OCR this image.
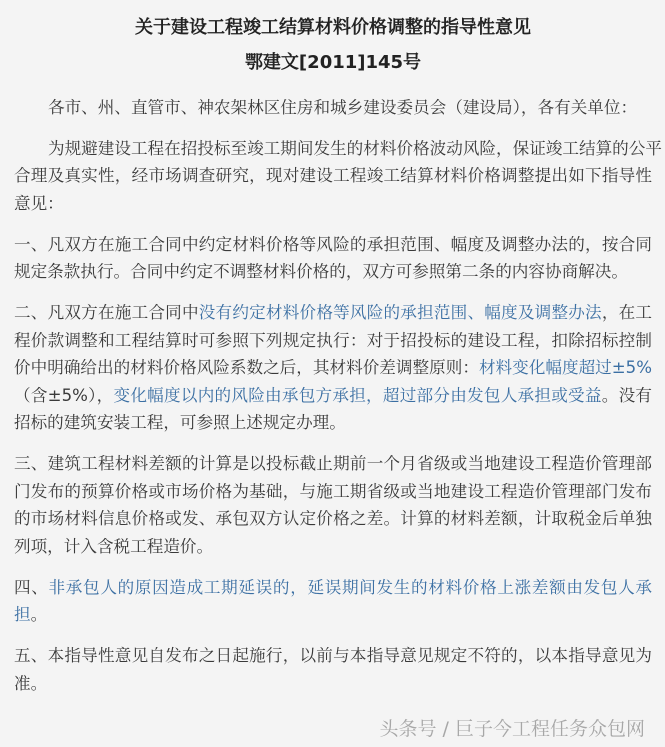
关于建设工程竣工结算材料价格调整的指导性意见
鄂建文[2011]145号
各市、州、直管市、神农架林区住房和城乡建设委员会（建设局），各有关单位：
为规避建设工程在招投标至竣工期间发生的材料价格波动风险，保证竣工结算的公平
合理及真实性，经市场调查研究，现对建设工程竣工结算材料价格调整提出如下指导性
意见：
一、凡双方在施工合同中约定材料价格等风险的承担范围、幅度及调整办法的，按合同
规定条款执行。合同中约定不调整材料价格的，双方可参照第二条的内容协商解决。
二、凡双方在施工合同中没有约定材料价格等风险的承担范围、幅度及调整办法，在工
程价款调整和工程结算时可参照下列规定执行：对于招投标的建设工程，扣除招标控制
价中明确给出的材料价格风险系数之后，其材料价差调整原则：材料变化幅度超过±5%
（含±5%），变化幅度以内的风险由承包方承担，超过部分由发包人承担或受益。没有
招标的建筑安装工程，可参照上述规定办理。
三、建筑工程材料差额的计算是以投标截止期前一个月省级或当地建设工程造价管理部
门发布的预算价格或市场价格为基础，与施工期省级或当地建设工程造价管理部门发布
的市场材料信息价格或发、承包双方认定价格之差。计算的材料差额，计取税金后单独
列项，计入含税工程造价。
四、非承包人的原因造成工期延误的，延误期间发生的材料价格上涨差额由发包人承
担。
五、本指导性意见自发布之日起施行，以前与本指导意见规定不符的，以本指导意见为
准。
头条号 / 巨子今工程任务众包网
